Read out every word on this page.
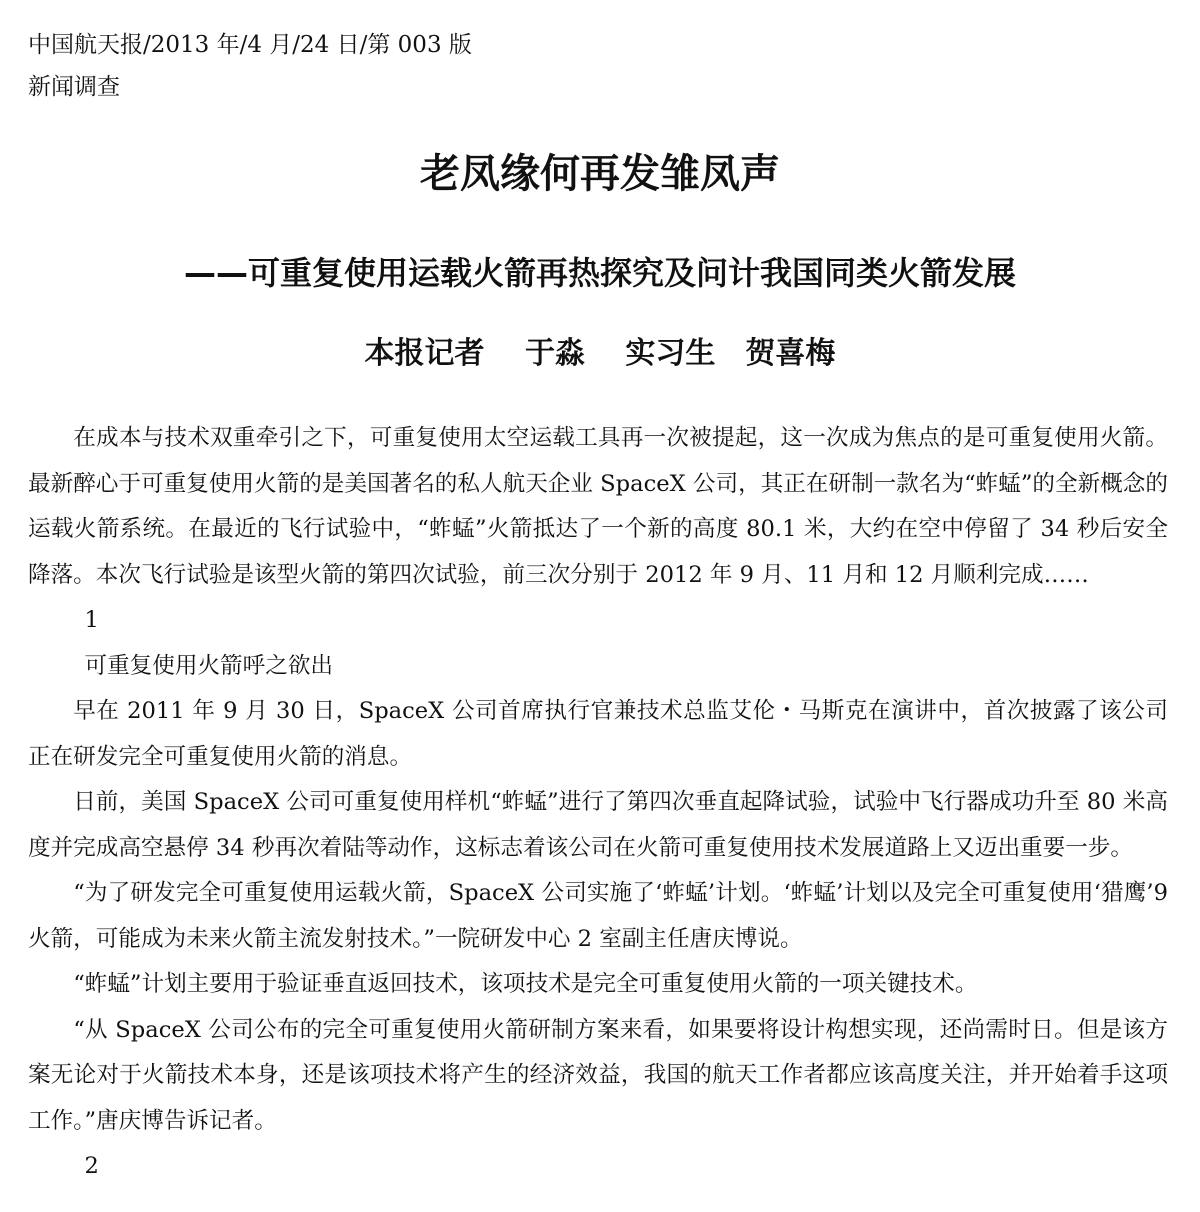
中国航天报/2013 年/4 月/24 日/第 003 版
新闻调查
老凤缘何再发雏凤声
——可重复使用运载火箭再热探究及问计我国同类火箭发展
本报记者　 于淼　 实习生　贺喜梅

在成本与技术双重牵引之下，可重复使用太空运载工具再一次被提起，这一次成为焦点的是可重复使用火箭。最新醉心于可重复使用火箭的是美国著名的私人航天企业 SpaceX 公司，其正在研制一款名为“蚱蜢”的全新概念的运载火箭系统。在最近的飞行试验中，“蚱蜢”火箭抵达了一个新的高度 80.1 米，大约在空中停留了 34 秒后安全降落。本次飞行试验是该型火箭的第四次试验，前三次分别于 2012 年 9 月、11 月和 12 月顺利完成……

1

可重复使用火箭呼之欲出

早在 2011 年 9 月 30 日，SpaceX 公司首席执行官兼技术总监艾伦・马斯克在演讲中，首次披露了该公司正在研发完全可重复使用火箭的消息。

日前，美国 SpaceX 公司可重复使用样机“蚱蜢”进行了第四次垂直起降试验，试验中飞行器成功升至 80 米高度并完成高空悬停 34 秒再次着陆等动作，这标志着该公司在火箭可重复使用技术发展道路上又迈出重要一步。

“为了研发完全可重复使用运载火箭，SpaceX 公司实施了‘蚱蜢’计划。‘蚱蜢’计划以及完全可重复使用‘猎鹰’9 火箭，可能成为未来火箭主流发射技术。”一院研发中心 2 室副主任唐庆博说。

“蚱蜢”计划主要用于验证垂直返回技术，该项技术是完全可重复使用火箭的一项关键技术。

“从 SpaceX 公司公布的完全可重复使用火箭研制方案来看，如果要将设计构想实现，还尚需时日。但是该方案无论对于火箭技术本身，还是该项技术将产生的经济效益，我国的航天工作者都应该高度关注，并开始着手这项工作。”唐庆博告诉记者。

2
